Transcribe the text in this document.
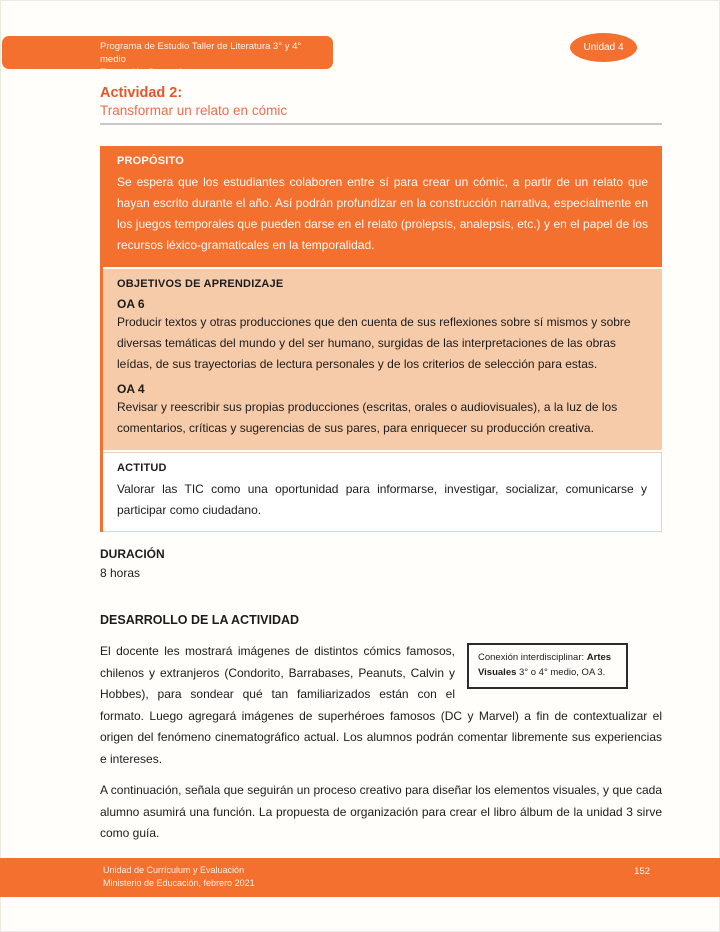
Programa de Estudio Taller de Literatura 3° y 4° medio
Formación General
Unidad 4
Actividad 2:
Transformar un relato en cómic

PROPÓSITO

Se espera que los estudiantes colaboren entre sí para crear un cómic, a partir de un relato que hayan escrito durante el año. Así podrán profundizar en la construcción narrativa, especialmente en los juegos temporales que pueden darse en el relato (prolepsis, analepsis, etc.) y en el papel de los recursos léxico-gramaticales en la temporalidad.

OBJETIVOS DE APRENDIZAJE

OA 6

Producir textos y otras producciones que den cuenta de sus reflexiones sobre sí mismos y sobre diversas temáticas del mundo y del ser humano, surgidas de las interpretaciones de las obras leídas, de sus trayectorias de lectura personales y de los criterios de selección para estas.

OA 4

Revisar y reescribir sus propias producciones (escritas, orales o audiovisuales), a la luz de los comentarios, críticas y sugerencias de sus pares, para enriquecer su producción creativa.

ACTITUD

Valorar las TIC como una oportunidad para informarse, investigar, socializar, comunicarse y participar como ciudadano.

DURACIÓN
8 horas

DESARROLLO DE LA ACTIVIDAD

Conexión interdisciplinar: Artes Visuales 3° o 4° medio, OA 3.

El docente les mostrará imágenes de distintos cómics famosos, chilenos y extranjeros (Condorito, Barrabases, Peanuts, Calvin y Hobbes), para sondear qué tan familiarizados están con el formato. Luego agregará imágenes de superhéroes famosos (DC y Marvel) a fin de contextualizar el origen del fenómeno cinematográfico actual. Los alumnos podrán comentar libremente sus experiencias e intereses.

A continuación, señala que seguirán un proceso creativo para diseñar los elementos visuales, y que cada alumno asumirá una función. La propuesta de organización para crear el libro álbum de la unidad 3 sirve como guía.

Unidad de Currículum y Evaluación
Ministerio de Educación, febrero 2021
152
